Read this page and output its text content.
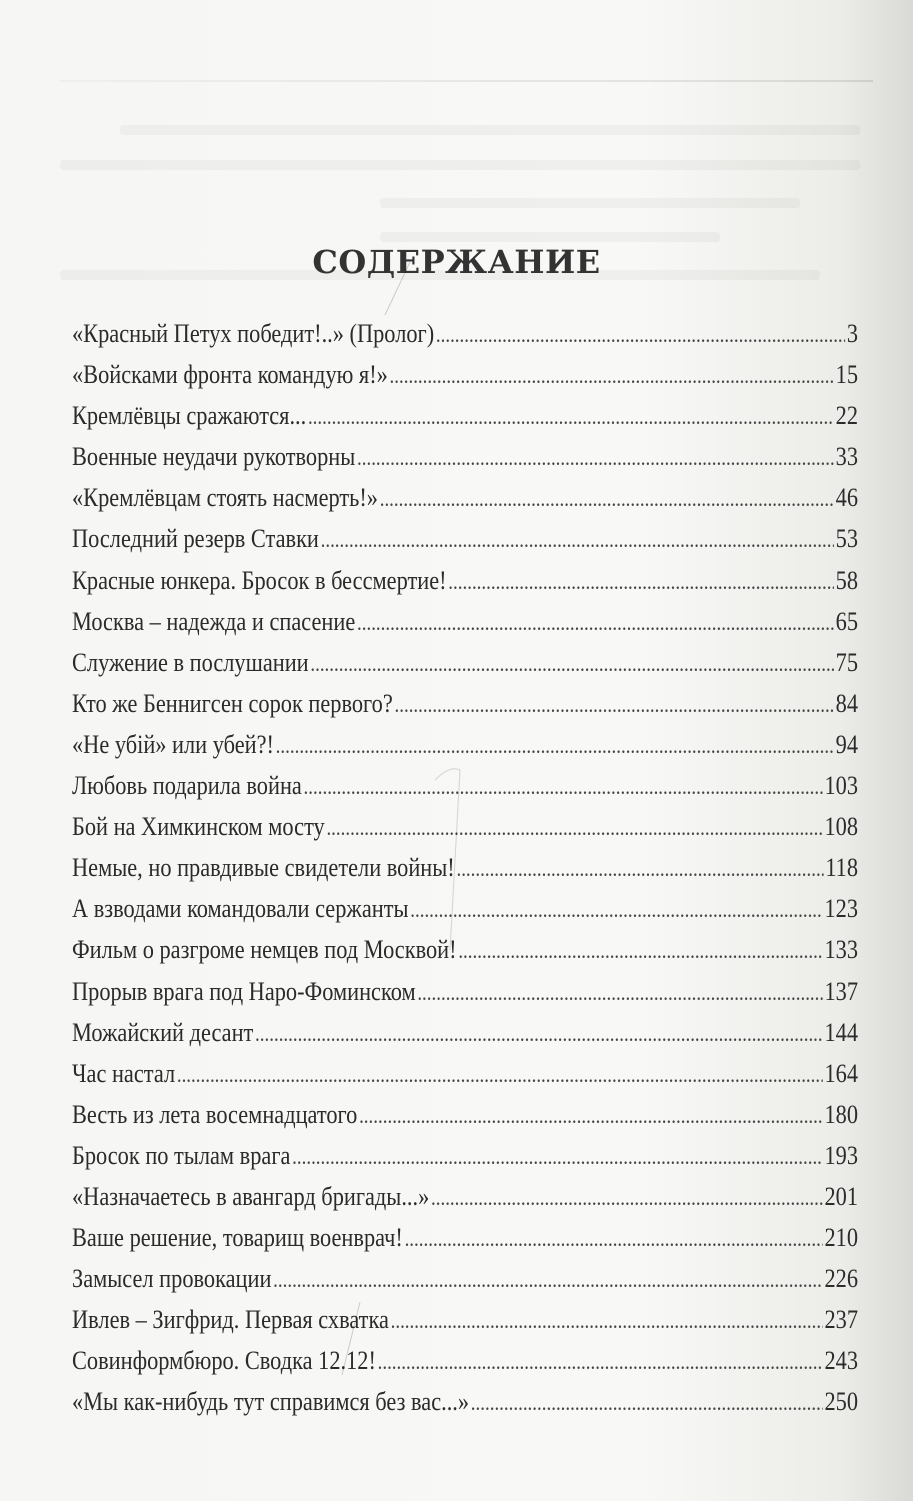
СОДЕРЖАНИЕ
«Красный Петух победит!..» (Пролог) .....	3
«Войсками фронта командую я!» .....	15
Кремлёвцы сражаются... .....	22
Военные неудачи рукотворны .....	33
«Кремлёвцам стоять насмерть!» .....	46
Последний резерв Ставки .....	53
Красные юнкера. Бросок в бессмертие! .....	58
Москва – надежда и спасение .....	65
Служение в послушании .....	75
Кто же Беннигсен сорок первого? .....	84
«Не убій» или убей?! .....	94
Любовь подарила война .....	103
Бой на Химкинском мосту .....	108
Немые, но правдивые свидетели войны! .....	118
А взводами командовали сержанты .....	123
Фильм о разгроме немцев под Москвой! .....	133
Прорыв врага под Наро-Фоминском .....	137
Можайский десант .....	144
Час настал .....	164
Весть из лета восемнадцатого .....	180
Бросок по тылам врага .....	193
«Назначаетесь в авангард бригады...» .....	201
Ваше решение, товарищ военврач! .....	210
Замысел провокации .....	226
Ивлев – Зигфрид. Первая схватка .....	237
Совинформбюро. Сводка 12.12! .....	243
«Мы как-нибудь тут справимся без вас...» .....	250
